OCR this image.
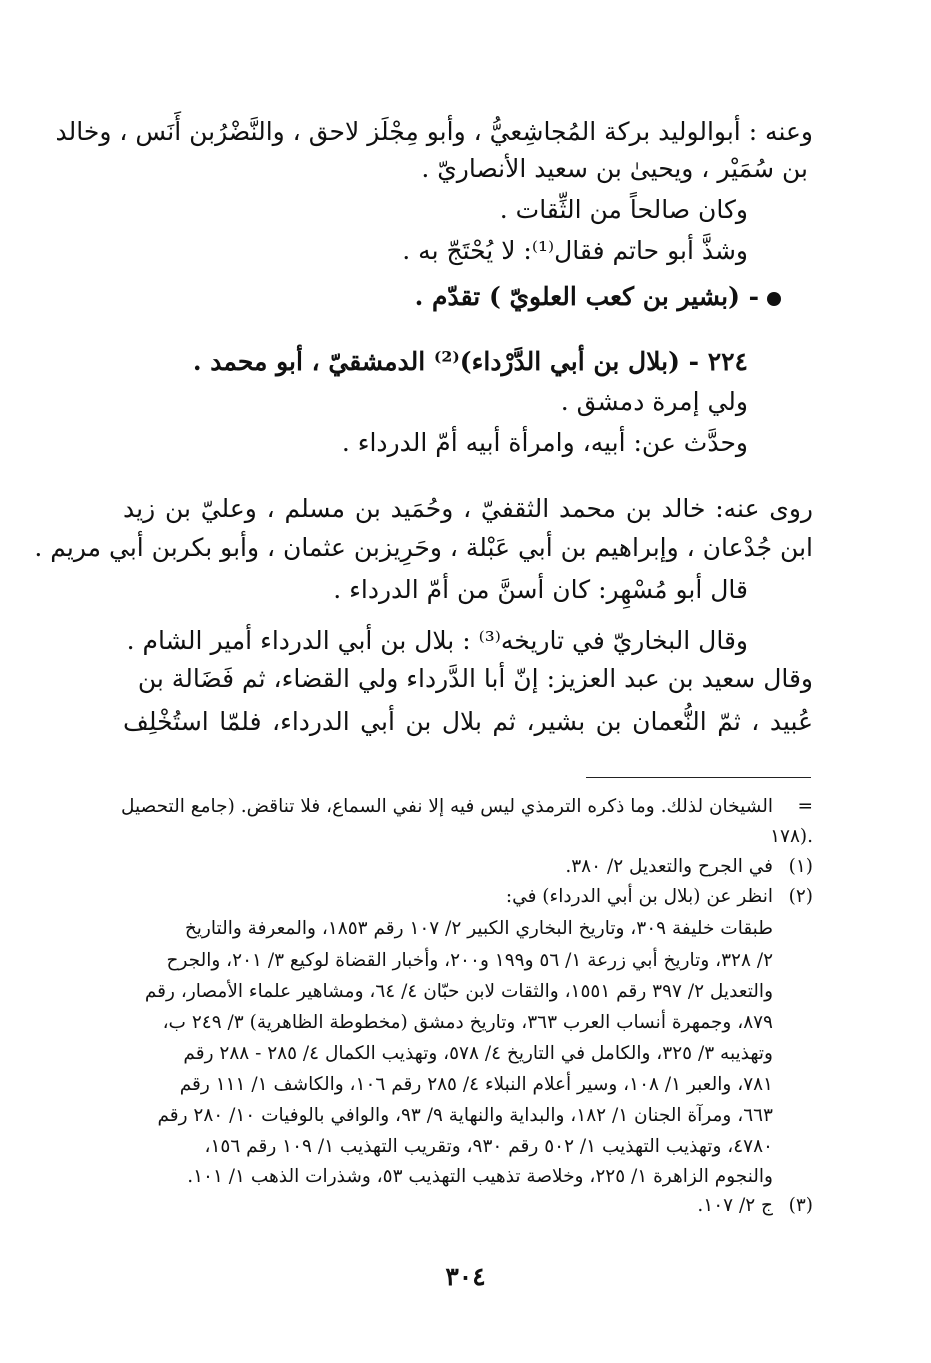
وعنه : أبوالوليد بركة المُجاشِعيُّ ، وأبو مِجْلَز لاحق ، والنَّضْرُبن أَنَس ، وخالد
بن سُمَيْر ، ويحيىٰ بن سعيد الأنصاريّ .
وكان صالحاً من الثِّقات .
وشذَّ أبو حاتم فقال⁽¹⁾: لا يُحْتَجّ به .
- (بشير بن كعب العلويّ ) تقدّم .
٢٢٤ - (بلال بن أبي الدَّرْداء)⁽²⁾ الدمشقيّ ، أبو محمد .
ولي إمرة دمشق .
وحدَّث عن: أبيه، وامرأة أبيه أمّ الدرداء .
روى عنه: خالد بن محمد الثقفيّ ، وحُمَيد بن مسلم ، وعليّ بن زيد
ابن جُدْعان ، وإبراهيم بن أبي عَبْلة ، وحَرِيزبن عثمان ، وأبو بكربن أبي مريم .
قال أبو مُسْهِر: كان أسنَّ من أمّ الدرداء .
وقال البخاريّ في تاريخه⁽³⁾ : بلال بن أبي الدرداء أمير الشام .
وقال سعيد بن عبد العزيز: إنّ أبا الدَّرداء ولي القضاء، ثم فَضَالة بن
عُبيد ، ثمّ النُّعمان بن بشير، ثم بلال بن أبي الدرداء، فلمّا استُخْلِف
=الشيخان لذلك. وما ذكره الترمذي ليس فيه إلا نفي السماع، فلا تناقض. (جامع التحصيل
١٧٨).
(١)في الجرح والتعديل ٢/ ٣٨٠.
(٢)انظر عن (بلال بن أبي الدرداء) في:
طبقات خليفة ٣٠٩، وتاريخ البخاري الكبير ٢/ ١٠٧ رقم ١٨٥٣، والمعرفة والتاريخ
٢/ ٣٢٨، وتاريخ أبي زرعة ١/ ٥٦ و١٩٩ و٢٠٠، وأخبار القضاة لوكيع ٣/ ٢٠١، والجرح
والتعديل ٢/ ٣٩٧ رقم ١٥٥١، والثقات لابن حبّان ٤/ ٦٤، ومشاهير علماء الأمصار، رقم
٨٧٩، وجمهرة أنساب العرب ٣٦٣، وتاريخ دمشق (مخطوطة الظاهرية) ٣/ ٢٤٩ ب،
وتهذيبه ٣/ ٣٢٥، والكامل في التاريخ ٤/ ٥٧٨، وتهذيب الكمال ٤/ ٢٨٥ - ٢٨٨ رقم
٧٨١، والعبر ١/ ١٠٨، وسير أعلام النبلاء ٤/ ٢٨٥ رقم ١٠٦، والكاشف ١/ ١١١ رقم
٦٦٣، ومرآة الجنان ١/ ١٨٢، والبداية والنهاية ٩/ ٩٣، والوافي بالوفيات ١٠/ ٢٨٠ رقم
٤٧٨٠، وتهذيب التهذيب ١/ ٥٠٢ رقم ٩٣٠، وتقريب التهذيب ١/ ١٠٩ رقم ١٥٦،
والنجوم الزاهرة ١/ ٢٢٥، وخلاصة تذهيب التهذيب ٥٣، وشذرات الذهب ١/ ١٠١.
(٣)ج ٢/ ١٠٧.
٣٠٤
